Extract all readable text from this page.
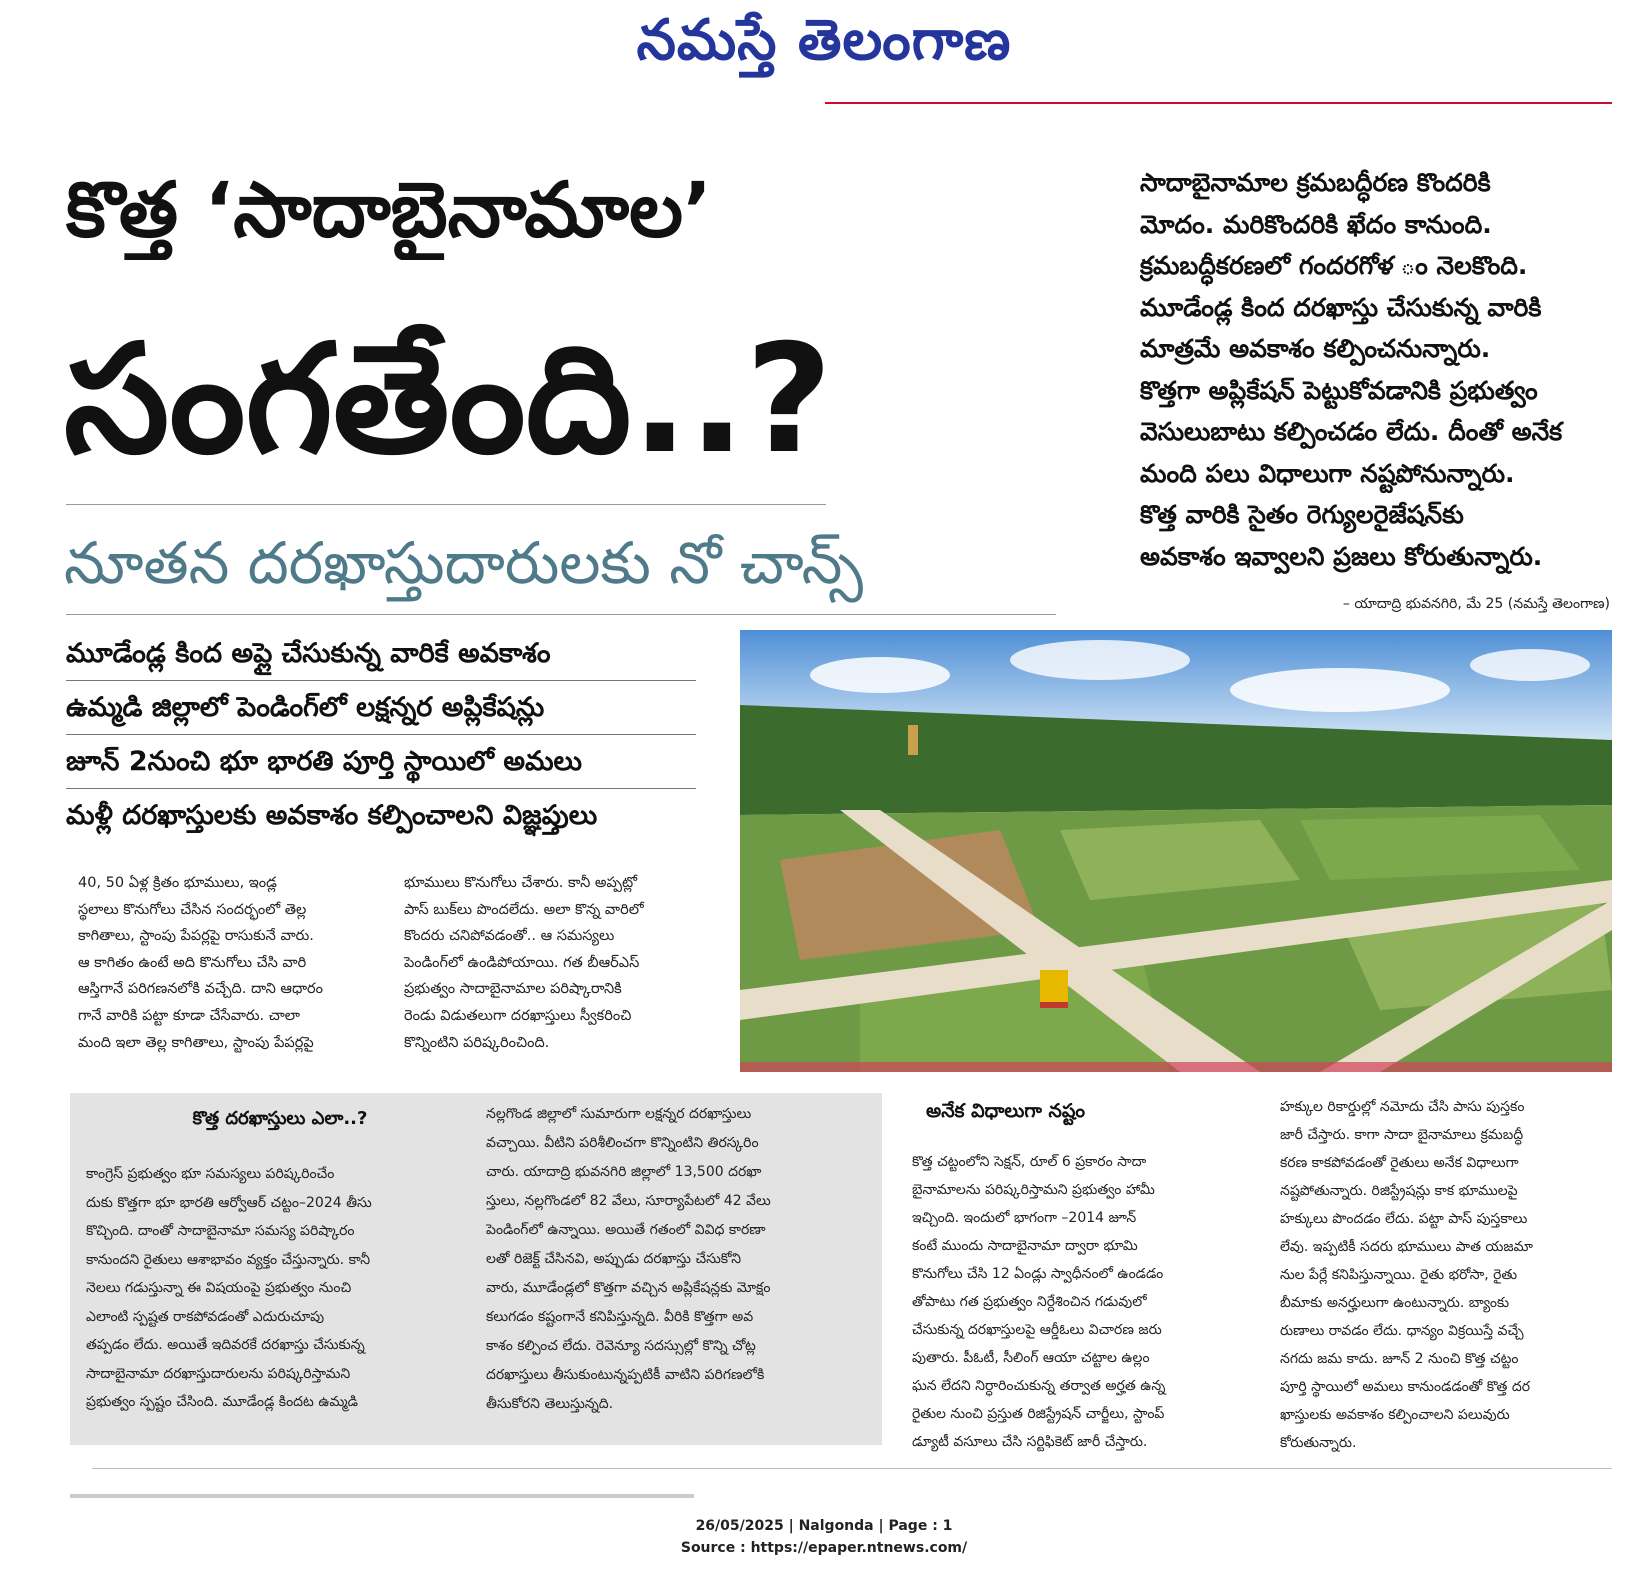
నమస్తే తెలంగాణ
కొత్త ‘సాదాబైనామాల’
సంగతేంది..?
నూతన దరఖాస్తుదారులకు నో చాన్స్

సాదాబైనామాల క్రమబద్ధీరణ కొందరికి

మోదం. మరికొందరికి ఖేదం కానుంది.

క్రమబద్ధీకరణలో గందరగోళ ం నెలకొంది.

మూడేండ్ల కింద దరఖాస్తు చేసుకున్న వారికి

మాత్రమే అవకాశం కల్పించనున్నారు.

కొత్తగా అప్లికేషన్ పెట్టుకోవడానికి ప్రభుత్వం

వెసులుబాటు కల్పించడం లేదు. దీంతో అనేక

మంది పలు విధాలుగా నష్టపోనున్నారు.

కొత్త వారికి సైతం రెగ్యులరైజేషన్‌కు

అవకాశం ఇవ్వాలని ప్రజలు కోరుతున్నారు.

– యాదాద్రి భువనగిరి, మే 25 (నమస్తే తెలంగాణ)
మూడేండ్ల కింద అప్లై చేసుకున్న వారికే అవకాశం
ఉమ్మడి జిల్లాలో పెండింగ్‌లో లక్షన్నర అప్లికేషన్లు
జూన్ 2నుంచి భూ భారతి పూర్తి స్థాయిలో అమలు
మళ్లీ దరఖాస్తులకు అవకాశం కల్పించాలని విజ్ఞప్తులు

40, 50 ఏళ్ల క్రితం భూములు, ఇండ్ల

స్థలాలు కొనుగోలు చేసిన సందర్భంలో తెల్ల

కాగితాలు, స్టాంపు పేపర్లపై రాసుకునే వారు.

ఆ కాగితం ఉంటే అది కొనుగోలు చేసి వారి

ఆస్తిగానే పరిగణనలోకి వచ్చేది. దాని ఆధారం

గానే వారికి పట్టా కూడా చేసేవారు. చాలా

మంది ఇలా తెల్ల కాగితాలు, స్టాంపు పేపర్లపై

భూములు కొనుగోలు చేశారు. కానీ అప్పట్లో

పాస్ బుక్‌లు పొందలేదు. అలా కొన్న వారిలో

కొందరు చనిపోవడంతో.. ఆ సమస్యలు

పెండింగ్‌లో ఉండిపోయాయి. గత బీఆర్‌ఎస్

ప్రభుత్వం సాదాబైనామాల పరిష్కారానికి

రెండు విడుతలుగా దరఖాస్తులు స్వీకరించి

కొన్నింటిని పరిష్కరించింది.

కొత్త దరఖాస్తులు ఎలా..?

కాంగ్రెస్ ప్రభుత్వం భూ సమస్యలు పరిష్కరించేం

దుకు కొత్తగా భూ భారతి ఆర్వోఆర్ చట్టం–2024 తీసు

కొచ్చింది. దాంతో సాదాబైనామా సమస్య పరిష్కారం

కానుందని రైతులు ఆశాభావం వ్యక్తం చేస్తున్నారు. కానీ

నెలలు గడుస్తున్నా ఈ విషయంపై ప్రభుత్వం నుంచి

ఎలాంటి స్పష్టత రాకపోవడంతో ఎదురుచూపు

తప్పడం లేదు. అయితే ఇదివరకే దరఖాస్తు చేసుకున్న

సాదాబైనామా దరఖాస్తుదారులను పరిష్కరిస్తామని

ప్రభుత్వం స్పష్టం చేసింది. మూడేండ్ల కిందట ఉమ్మడి

నల్లగొండ జిల్లాలో సుమారుగా లక్షన్నర దరఖాస్తులు

వచ్చాయి. వీటిని పరిశీలించగా కొన్నింటిని తిరస్కరిం

చారు. యాదాద్రి భువనగిరి జిల్లాలో 13,500 దరఖా

స్తులు, నల్లగొండలో 82 వేలు, సూర్యాపేటలో 42 వేలు

పెండింగ్‌లో ఉన్నాయి. అయితే గతంలో వివిధ కారణా

లతో రిజెక్ట్ చేసినవి, అప్పుడు దరఖాస్తు చేసుకోని

వారు, మూడేండ్లలో కొత్తగా వచ్చిన అప్లికేషన్లకు మోక్షం

కలుగడం కష్టంగానే కనిపిస్తున్నది. వీరికి కొత్తగా అవ

కాశం కల్పించ లేదు. రెవెన్యూ సదస్సుల్లో కొన్ని చోట్ల

దరఖాస్తులు తీసుకుంటున్నప్పటికీ వాటిని పరిగణలోకి

తీసుకోరని తెలుస్తున్నది.

అనేక విధాలుగా నష్టం

కొత్త చట్టంలోని సెక్షన్, రూల్ 6 ప్రకారం సాదా

బైనామాలను పరిష్కరిస్తామని ప్రభుత్వం హామీ

ఇచ్చింది. ఇందులో భాగంగా –2014 జూన్

కంటే ముందు సాదాబైనామా ద్వారా భూమి

కొనుగోలు చేసి 12 ఏండ్లు స్వాధీనంలో ఉండడం

తోపాటు గత ప్రభుత్వం నిర్దేశించిన గడువులో

చేసుకున్న దరఖాస్తులపై ఆర్డీఓలు విచారణ జరు

పుతారు. పీఓటీ, సీలింగ్ ఆయా చట్టాల ఉల్లం

ఘన లేదని నిర్ధారించుకున్న తర్వాత అర్హత ఉన్న

రైతుల నుంచి ప్రస్తుత రిజిస్ట్రేషన్ చార్జీలు, స్టాంప్

డ్యూటీ వసూలు చేసి సర్టిఫికెట్ జారీ చేస్తారు.

హక్కుల రికార్డుల్లో నమోదు చేసి పాసు పుస్తకం

జారీ చేస్తారు. కాగా సాదా బైనామాలు క్రమబద్ధీ

కరణ కాకపోవడంతో రైతులు అనేక విధాలుగా

నష్టపోతున్నారు. రిజిస్ట్రేషన్లు కాక భూములపై

హక్కులు పొందడం లేదు. పట్టా పాస్ పుస్తకాలు

లేవు. ఇప్పటికీ సదరు భూములు పాత యజమా

నుల పేర్లే కనిపిస్తున్నాయి. రైతు భరోసా, రైతు

బీమాకు అనర్హులుగా ఉంటున్నారు. బ్యాంకు

రుణాలు రావడం లేదు. ధాన్యం విక్రయిస్తే వచ్చే

నగదు జమ కాదు. జూన్ 2 నుంచి కొత్త చట్టం

పూర్తి స్థాయిలో అమలు కానుండడంతో కొత్త దర

ఖాస్తులకు అవకాశం కల్పించాలని పలువురు

కోరుతున్నారు.

26/05/2025 | Nalgonda | Page : 1
Source : https://epaper.ntnews.com/
